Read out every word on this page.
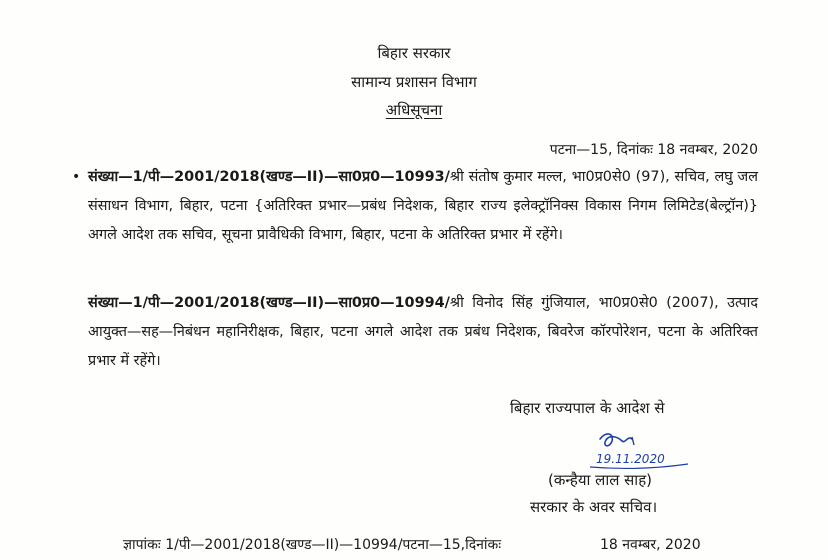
बिहार सरकार
सामान्य प्रशासन विभाग
अधिसूचना
पटना—15, दिनांकः 18 नवम्बर, 2020
• संख्या—1/पी—2001/2018(खण्ड—II)—सा0प्र0—10993/श्री संतोष कुमार मल्ल, भा0प्र0से0 (97), सचिव, लघु जल संसाधन विभाग, बिहार, पटना {अतिरिक्त प्रभार—प्रबंध निदेशक, बिहार राज्य इलेक्ट्रॉनिक्स विकास निगम लिमिटेड(बेल्ट्रॉन)} अगले आदेश तक सचिव, सूचना प्रावैधिकी विभाग, बिहार, पटना के अतिरिक्त प्रभार में रहेंगे।
संख्या—1/पी—2001/2018(खण्ड—II)—सा0प्र0—10994/श्री विनोद सिंह गुंजियाल, भा0प्र0से0 (2007), उत्पाद आयुक्त—सह—निबंधन महानिरीक्षक, बिहार, पटना अगले आदेश तक प्रबंध निदेशक, बिवरेज कॉरपोरेशन, पटना के अतिरिक्त प्रभार में रहेंगे।
बिहार राज्यपाल के आदेश से
19.11.2020
(कन्हैया लाल साह)
सरकार के अवर सचिव।
ज्ञापांकः 1/पी—2001/2018(खण्ड—II)—10994/पटना—15,दिनांकः	18 नवम्बर, 2020
